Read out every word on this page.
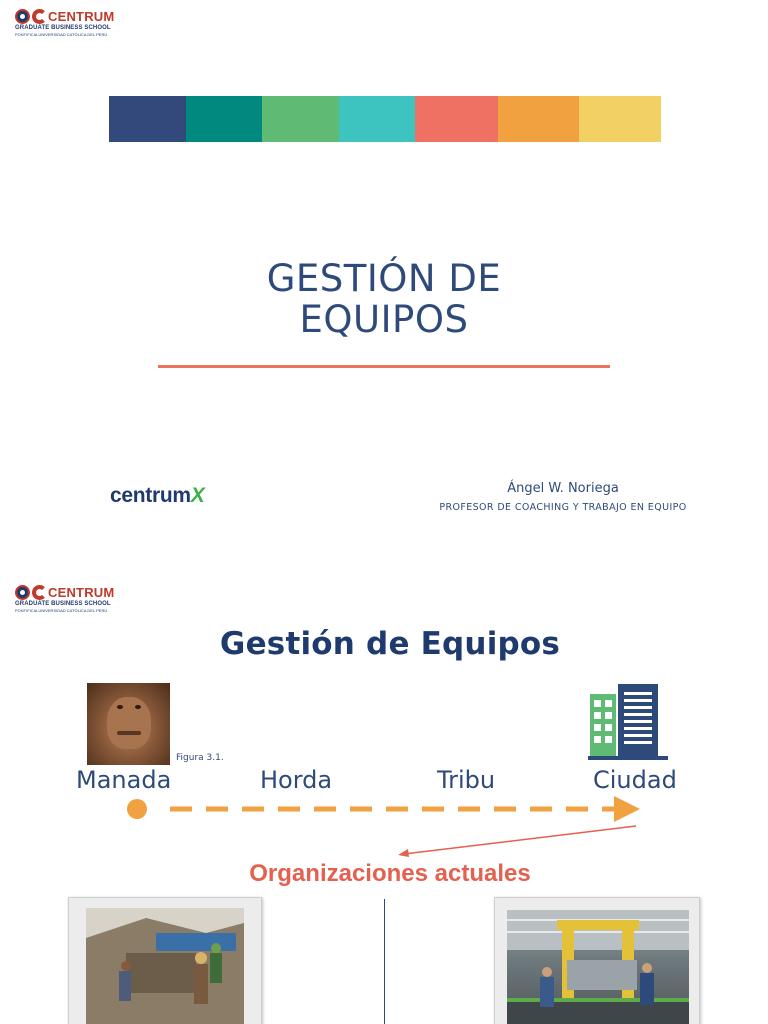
CENTRUM
GRADUATE BUSINESS SCHOOL
PONTIFICIA UNIVERSIDAD CATÓLICA DEL PERÚ
GESTIÓN DE
EQUIPOS
centrumX	Ángel W. Noriega
PROFESOR DE COACHING Y TRABAJO EN EQUIPO
CENTRUM
GRADUATE BUSINESS SCHOOL
PONTIFICIA UNIVERSIDAD CATÓLICA DEL PERÚ
Gestión de Equipos
Figura 3.1.
Manada	Horda	Tribu	Ciudad
Organizaciones actuales
